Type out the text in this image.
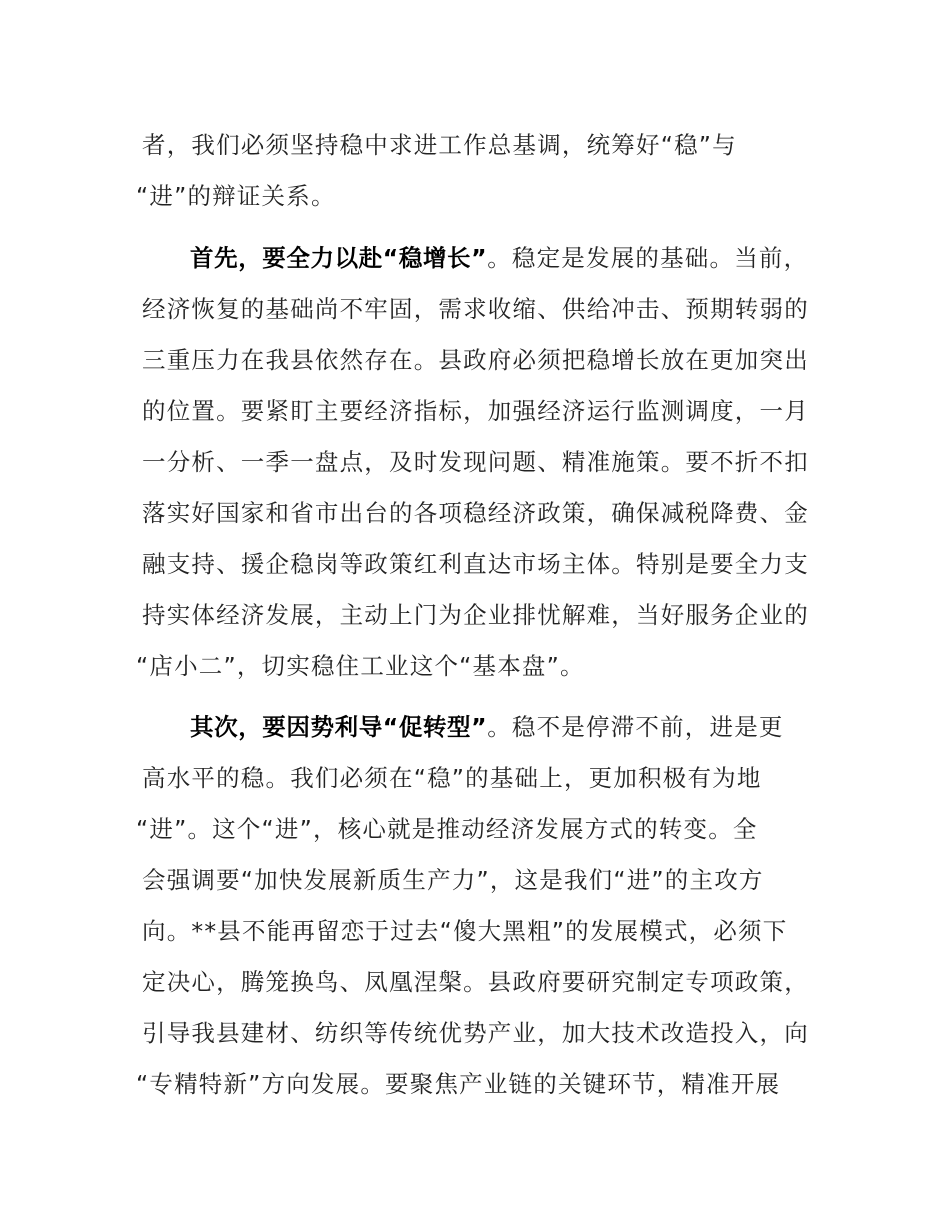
者，我们必须坚持稳中求进工作总基调，统筹好“稳”与
“进”的辩证关系。
首先，要全力以赴“稳增长”。稳定是发展的基础。当前，
经济恢复的基础尚不牢固，需求收缩、供给冲击、预期转弱的
三重压力在我县依然存在。县政府必须把稳增长放在更加突出
的位置。要紧盯主要经济指标，加强经济运行监测调度，一月
一分析、一季一盘点，及时发现问题、精准施策。要不折不扣
落实好国家和省市出台的各项稳经济政策，确保减税降费、金
融支持、援企稳岗等政策红利直达市场主体。特别是要全力支
持实体经济发展，主动上门为企业排忧解难，当好服务企业的
“店小二”，切实稳住工业这个“基本盘”。
其次，要因势利导“促转型”。稳不是停滞不前，进是更
高水平的稳。我们必须在“稳”的基础上，更加积极有为地
“进”。这个“进”，核心就是推动经济发展方式的转变。全
会强调要“加快发展新质生产力”，这是我们“进”的主攻方
向。**县不能再留恋于过去“傻大黑粗”的发展模式，必须下
定决心，腾笼换鸟、凤凰涅槃。县政府要研究制定专项政策，
引导我县建材、纺织等传统优势产业，加大技术改造投入，向
“专精特新”方向发展。要聚焦产业链的关键环节，精准开展
